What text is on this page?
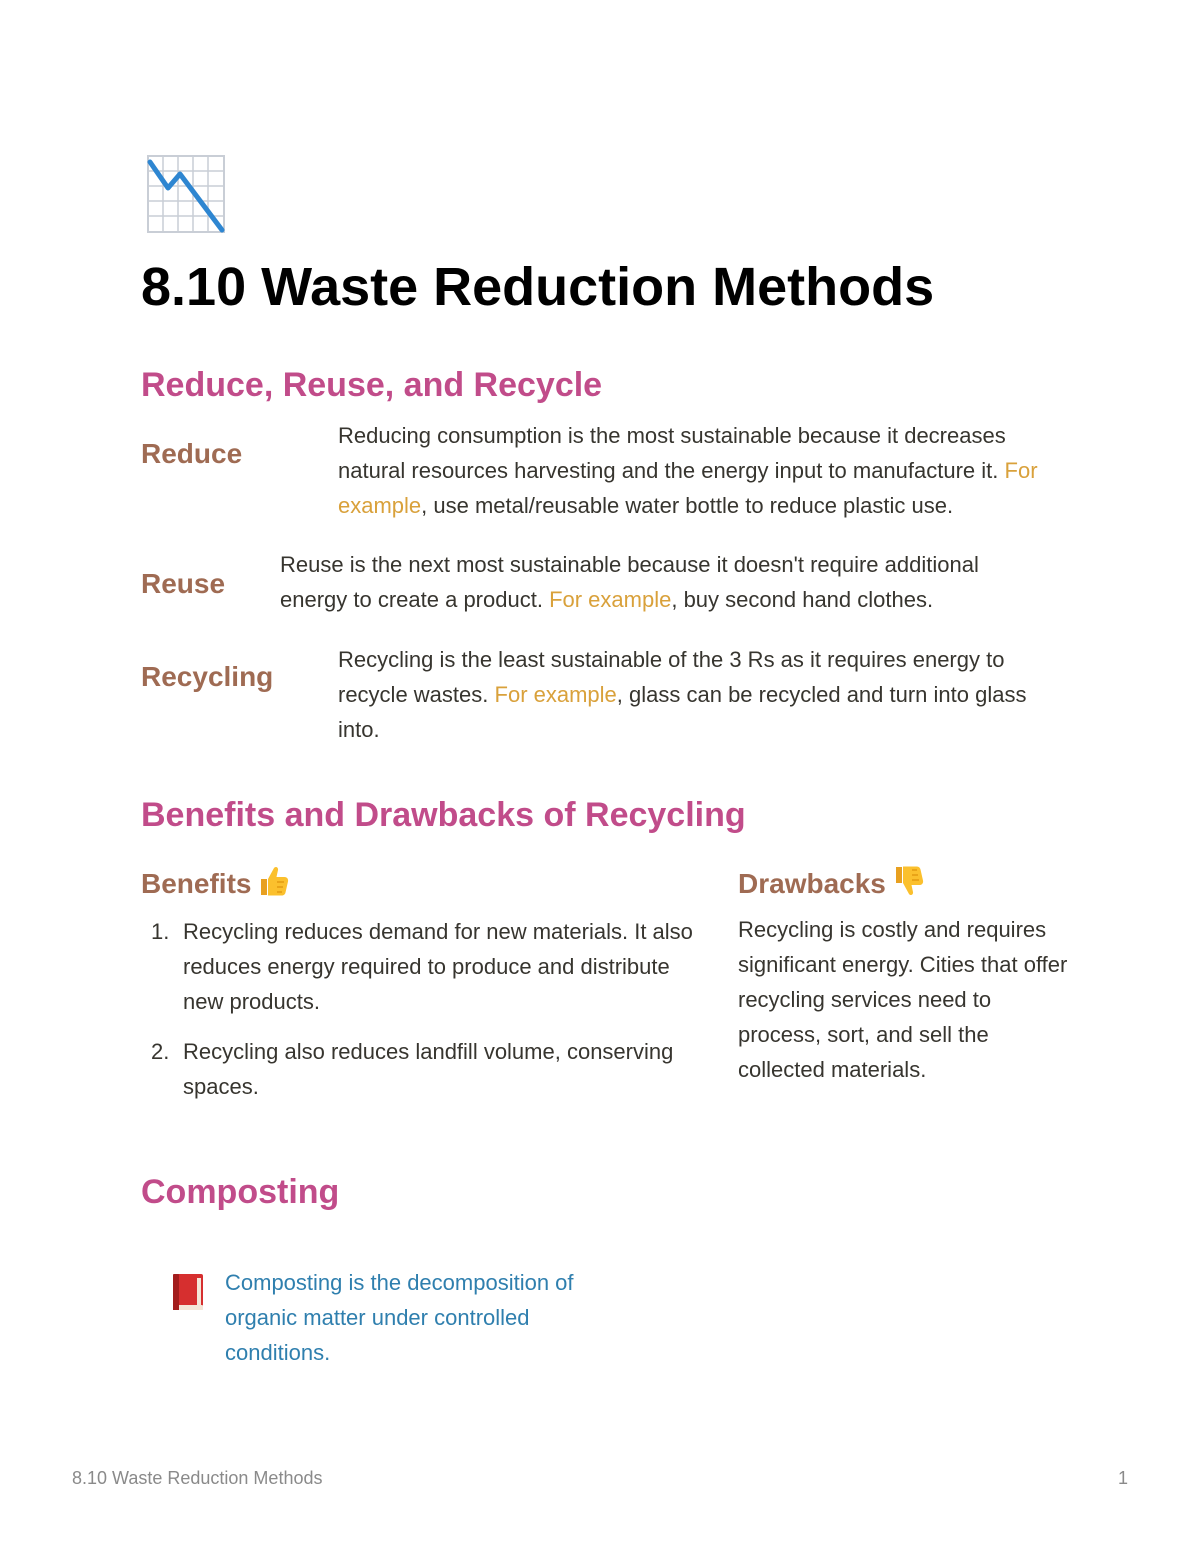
8.10 Waste Reduction Methods
Reduce, Reuse, and Recycle
Reduce
Reducing consumption is the most sustainable because it decreases natural resources harvesting and the energy input to manufacture it. For example, use metal/reusable water bottle to reduce plastic use.
Reuse
Reuse is the next most sustainable because it doesn't require additional energy to create a product. For example, buy second hand clothes.
Recycling
Recycling is the least sustainable of the 3 Rs as it requires energy to recycle wastes. For example, glass can be recycled and turn into glass into.
Benefits and Drawbacks of Recycling
Benefits
1. Recycling reduces demand for new materials. It also reduces energy required to produce and distribute new products.
2. Recycling also reduces landfill volume, conserving spaces.
Drawbacks
Recycling is costly and requires significant energy. Cities that offer recycling services need to process, sort, and sell the collected materials.
Composting
Composting is the decomposition of organic matter under controlled conditions.
8.10 Waste Reduction Methods	1
